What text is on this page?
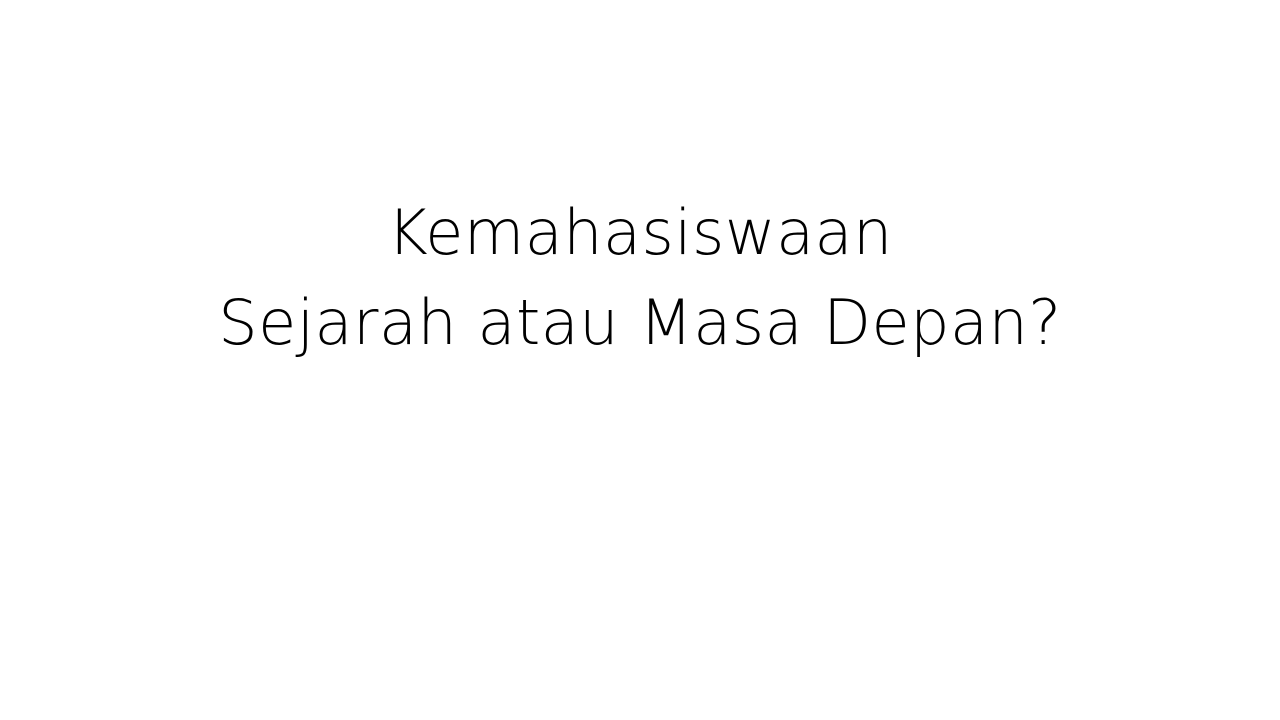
Kemahasiswaan
Sejarah atau Masa Depan?
